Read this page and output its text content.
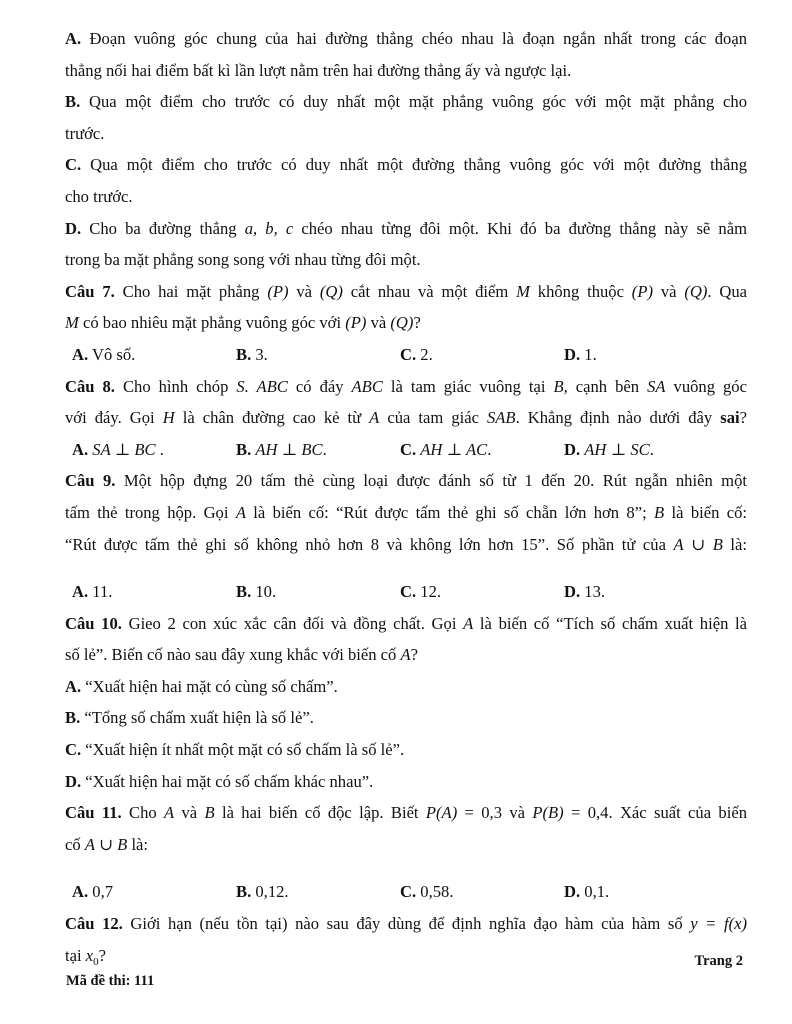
A. Đoạn vuông góc chung của hai đường thẳng chéo nhau là đoạn ngắn nhất trong các đoạn
thẳng nối hai điểm bất kì lần lượt nằm trên hai đường thẳng ấy và ngược lại.
B. Qua một điểm cho trước có duy nhất một mặt phẳng vuông góc với một mặt phẳng cho
trước.
C. Qua một điểm cho trước có duy nhất một đường thẳng vuông góc với một đường thẳng
cho trước.
D. Cho ba đường thẳng a, b, c chéo nhau từng đôi một. Khi đó ba đường thẳng này sẽ nằm
trong ba mặt phẳng song song với nhau từng đôi một.
Câu 7. Cho hai mặt phẳng (P) và (Q) cắt nhau và một điểm M không thuộc (P) và (Q). Qua
M có bao nhiêu mặt phẳng vuông góc với (P) và (Q)?
A. Vô số.	B. 3.	C. 2.	D. 1.
Câu 8. Cho hình chóp S. ABC có đáy ABC là tam giác vuông tại B, cạnh bên SA vuông góc
với đáy. Gọi H là chân đường cao kẻ từ A của tam giác SAB. Khẳng định nào dưới đây sai?
A. SA ⊥ BC .	B. AH ⊥ BC.	C. AH ⊥ AC.	D. AH ⊥ SC.
Câu 9. Một hộp đựng 20 tấm thẻ cùng loại được đánh số từ 1 đến 20. Rút ngẫn nhiên một
tấm thẻ trong hộp. Gọi A là biến cố: “Rút được tấm thẻ ghi số chẵn lớn hơn 8”; B là biến cố:
“Rút được tấm thẻ ghi số không nhỏ hơn 8 và không lớn hơn 15”. Số phần tử của A ∪ B là:
A. 11.	B. 10.	C. 12.	D. 13.
Câu 10. Gieo 2 con xúc xắc cân đối và đồng chất. Gọi A là biến cố “Tích số chấm xuất hiện là
số lẻ”. Biến cố nào sau đây xung khắc với biến cố A?
A. “Xuất hiện hai mặt có cùng số chấm”.
B. “Tổng số chấm xuất hiện là số lẻ”.
C. “Xuất hiện ít nhất một mặt có số chấm là số lẻ”.
D. “Xuất hiện hai mặt có số chấm khác nhau”.
Câu 11. Cho A và B là hai biến cố độc lập. Biết P(A) = 0,3 và P(B) = 0,4. Xác suất của biến
cố A ∪ B là:
A. 0,7	B. 0,12.	C. 0,58.	D. 0,1.
Câu 12. Giới hạn (nếu tồn tại) nào sau đây dùng để định nghĩa đạo hàm của hàm số y = f(x)
tại $x_0$?	Trang 2
Mã đề thi: 111
